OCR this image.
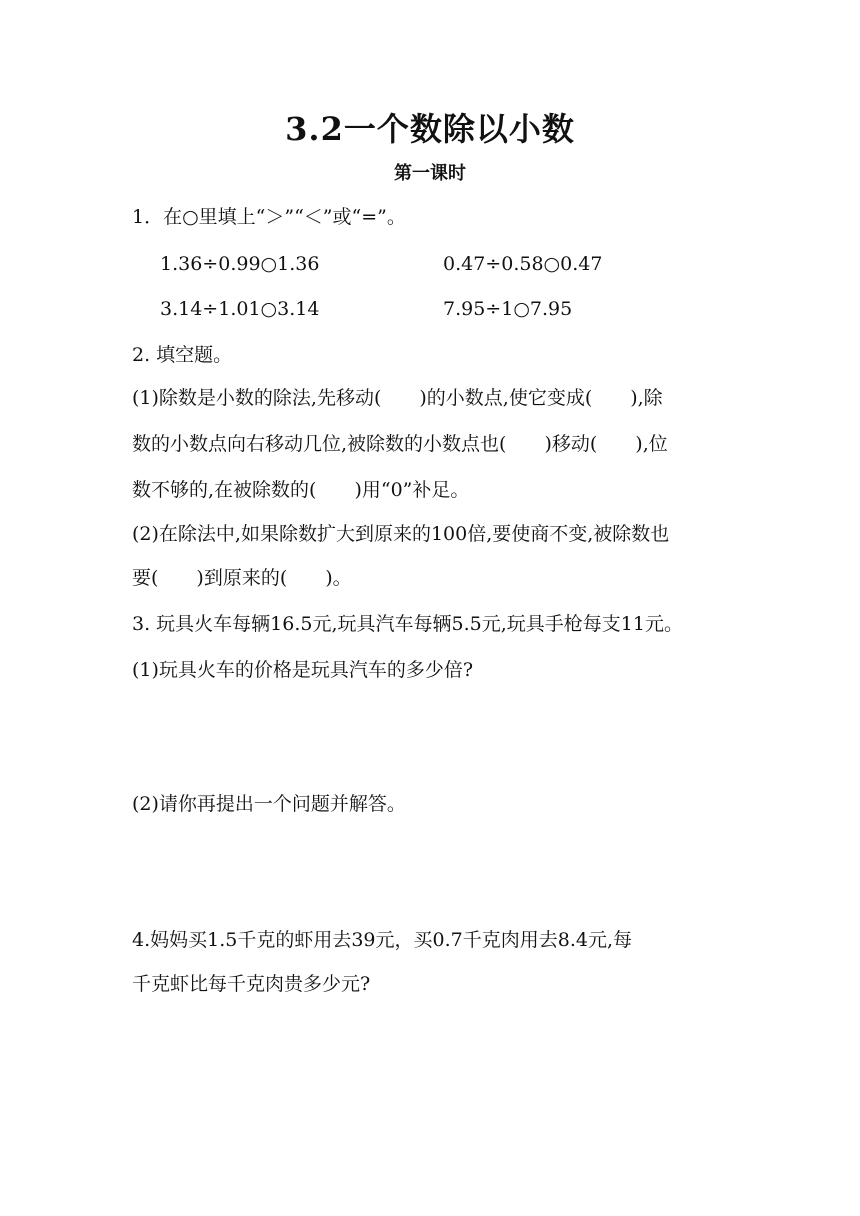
3.2一个数除以小数
第一课时
1．在○里填上“＞”“＜”或“=”。
1.36÷0.99○1.36	0.47÷0.58○0.47
3.14÷1.01○3.14	7.95÷1○7.95
2. 填空题。
(1)除数是小数的除法,先移动(　　)的小数点,使它变成(　　),除
数的小数点向右移动几位,被除数的小数点也(　　)移动(　　),位
数不够的,在被除数的(　　)用“0”补足。
(2)在除法中,如果除数扩大到原来的100倍,要使商不变,被除数也
要(　　)到原来的(　　)。
3. 玩具火车每辆16.5元,玩具汽车每辆5.5元,玩具手枪每支11元。
(1)玩具火车的价格是玩具汽车的多少倍?
(2)请你再提出一个问题并解答。
4.妈妈买1.5千克的虾用去39元，买0.7千克肉用去8.4元,每
千克虾比每千克肉贵多少元?
